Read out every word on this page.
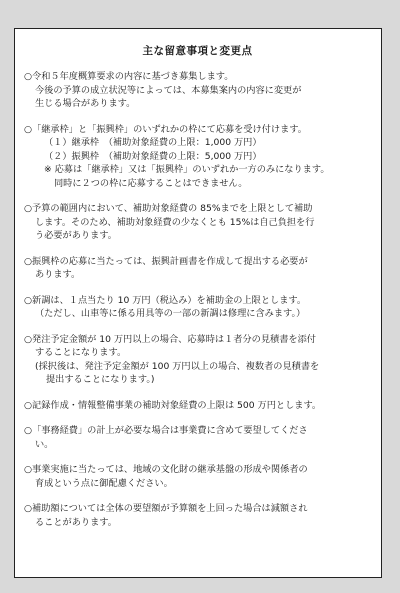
主な留意事項と変更点
○令和５年度概算要求の内容に基づき募集します。
今後の予算の成立状況等によっては、本募集案内の内容に変更が
生じる場合があります。
○「継承枠」と「振興枠」のいずれかの枠にて応募を受け付けます。
（１）継承枠　（補助対象経費の上限：1,000 万円）
（２）振興枠　（補助対象経費の上限：5,000 万円）
※ 応募は「継承枠」又は「振興枠」のいずれか一方のみになります。
同時に２つの枠に応募することはできません。
○予算の範囲内において、補助対象経費の 85%までを上限として補助
します。そのため、補助対象経費の少なくとも 15%は自己負担を行
う必要があります。
○振興枠の応募に当たっては、振興計画書を作成して提出する必要が
あります。
○新調は、１点当たり 10 万円（税込み）を補助金の上限とします。
（ただし、山車等に係る用具等の一部の新調は修理に含みます。）
○発注予定金額が 10 万円以上の場合、応募時は１者分の見積書を添付
することになります。
(採択後は、発注予定金額が 100 万円以上の場合、複数者の見積書を
提出することになります。)
○記録作成・情報整備事業の補助対象経費の上限は 500 万円とします。
○「事務経費」の計上が必要な場合は事業費に含めて要望してくださ
い。
○事業実施に当たっては、地域の文化財の継承基盤の形成や関係者の
育成という点に御配慮ください。
○補助額については全体の要望額が予算額を上回った場合は減額され
ることがあります。
